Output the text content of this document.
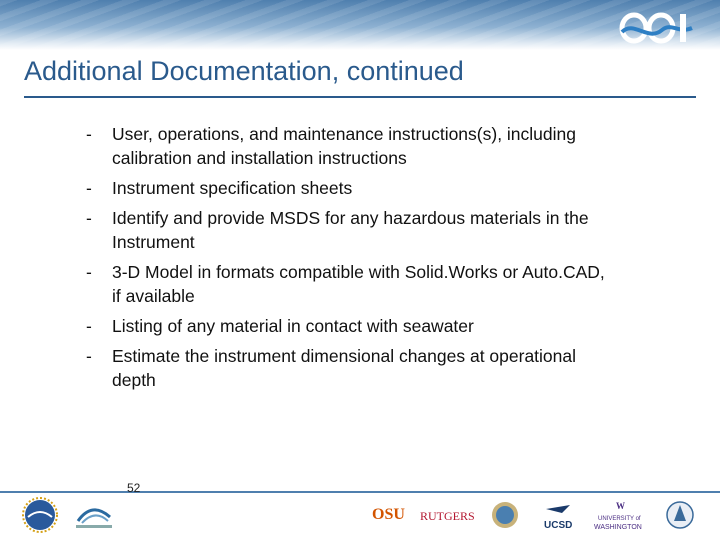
Additional Documentation, continued
- User, operations, and maintenance instructions(s), including
calibration and installation instructions
- Instrument specification sheets
- Identify and provide MSDS for any hazardous materials in the
Instrument
- 3-D Model in formats compatible with Solid.Works or Auto.CAD,
if available
- Listing of any material in contact with seawater
- Estimate the instrument dimensional changes at operational
depth
52
OSU RUTGERS
UCSD
W
UNIVERSITY of
WASHINGTON
